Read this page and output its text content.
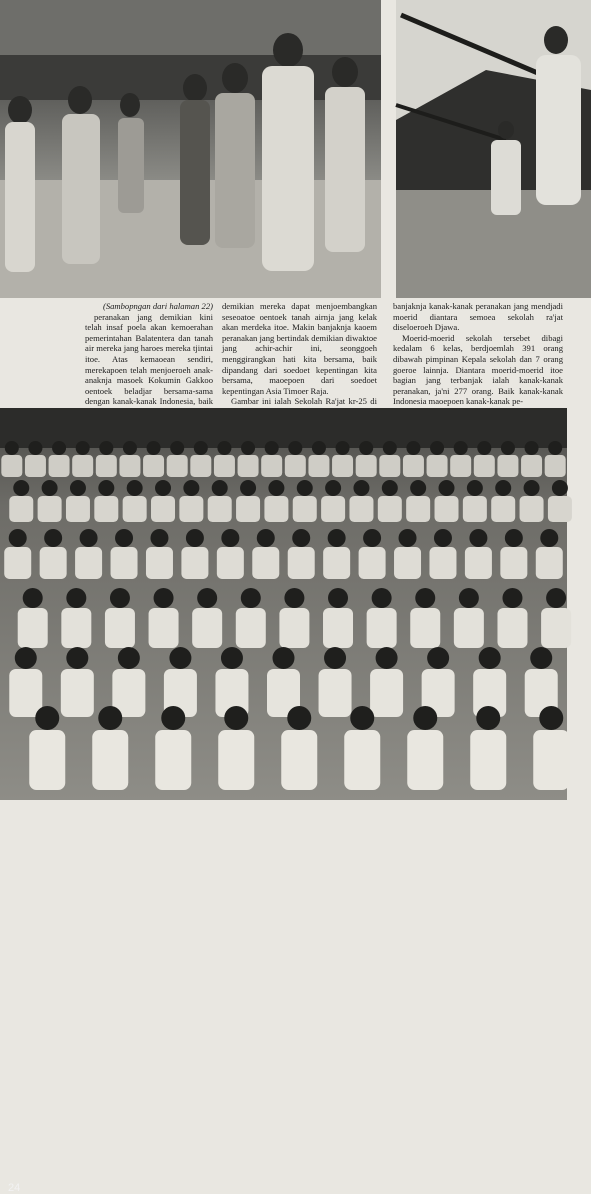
(Sambopngan dari halaman 22)

peranakan jang demikian kini telah insaf poela akan kemoerahan pemerintahan Balatentera dan tanah air mereka jang haroes mereka tjintai itoe. Atas kemaoean sendiri, merekapoen telah menjoeroeh anak-anaknja masoek Kokumin Gakkoo oentoek beladjar bersama-sama dengan kanak-kanak Indonesia, baik

demikian mereka dapat menjoembangkan seseoatoe oentoek tanah airnja jang kelak akan merdeka itoe. Makin banjaknja kaoem peranakan jang bertindak demikian diwaktoe jang achir-achir ini, seonggoeh menggirangkan hati kita bersama, baik dipandang dari soedoet kepentingan kita bersama, maoepoen dari soedoet kepentingan Asia Timoer Raja.

Gambar ini ialah Sekolah Ra'jat kr-25 di

banjaknja kanak-kanak peranakan jang mendjadi moerid diantara semoea sekolah ra'jat diseloeroeh Djawa.

Moerid-moerid sekolah tersebet dibagi kedalam 6 kelas, berdjoemlah 391 orang dibawah pimpinan Kepala sekolah dan 7 orang goeroe lainnja. Diantara moerid-moerid itoe bagian jang terbanjak ialah kanak-kanak peranakan, ja'ni 277 orang. Baik kanak-kanak Indonesia maoepoen kanak-kanak pe-

24
